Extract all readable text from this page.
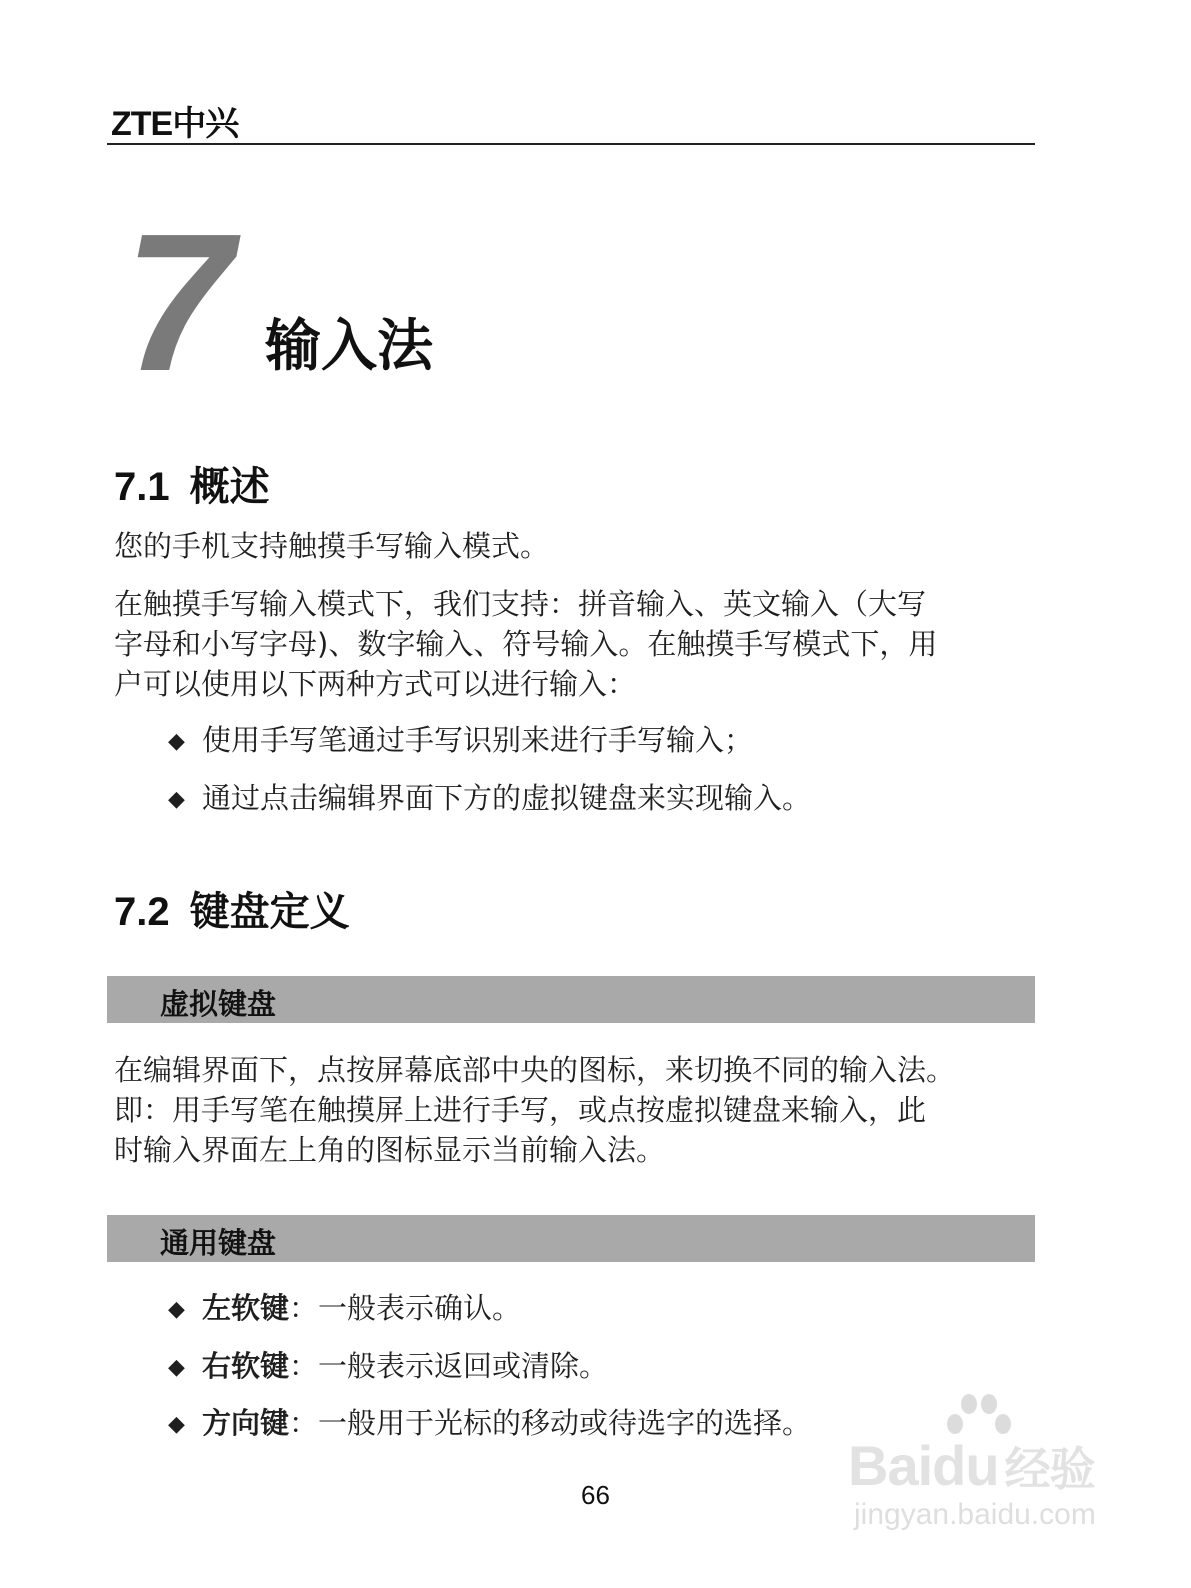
ZTE中兴
7 输入法
7.1 概述
您的手机支持触摸手写输入模式。
在触摸手写输入模式下，我们支持：拼音输入、英文输入（大写
字母和小写字母)、数字输入、符号输入。在触摸手写模式下，用
户可以使用以下两种方式可以进行输入：
◆ 使用手写笔通过手写识别来进行手写输入；
◆ 通过点击编辑界面下方的虚拟键盘来实现输入。
7.2 键盘定义
虚拟键盘
在编辑界面下，点按屏幕底部中央的图标，来切换不同的输入法。
即：用手写笔在触摸屏上进行手写，或点按虚拟键盘来输入，此
时输入界面左上角的图标显示当前输入法。
通用键盘
◆ 左软键：一般表示确认。
◆ 右软键：一般表示返回或清除。
◆ 方向键：一般用于光标的移动或待选字的选择。
66	Baidu 经验
jingyan.baidu.com
